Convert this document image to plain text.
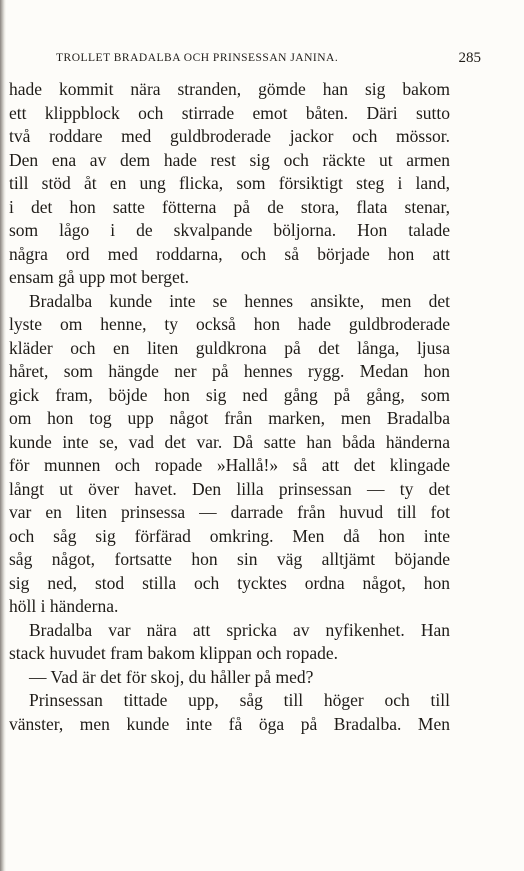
TROLLET BRADALBA OCH PRINSESSAN JANINA.	285
hade kommit nära stranden, gömde han sig bakom
ett klippblock och stirrade emot båten. Däri sutto
två roddare med guldbroderade jackor och mössor.
Den ena av dem hade rest sig och räckte ut armen
till stöd åt en ung flicka, som försiktigt steg i land,
i det hon satte fötterna på de stora, flata stenar,
som lågo i de skvalpande böljorna. Hon talade
några ord med roddarna, och så började hon att
ensam gå upp mot berget.
Bradalba kunde inte se hennes ansikte, men det
lyste om henne, ty också hon hade guldbroderade
kläder och en liten guldkrona på det långa, ljusa
håret, som hängde ner på hennes rygg. Medan hon
gick fram, böjde hon sig ned gång på gång, som
om hon tog upp något från marken, men Bradalba
kunde inte se, vad det var. Då satte han båda händerna
för munnen och ropade »Hallå!» så att det klingade
långt ut över havet. Den lilla prinsessan — ty det
var en liten prinsessa — darrade från huvud till fot
och såg sig förfärad omkring. Men då hon inte
såg något, fortsatte hon sin väg alltjämt böjande
sig ned, stod stilla och tycktes ordna något, hon
höll i händerna.
Bradalba var nära att spricka av nyfikenhet. Han
stack huvudet fram bakom klippan och ropade.
— Vad är det för skoj, du håller på med?
Prinsessan tittade upp, såg till höger och till
vänster, men kunde inte få öga på Bradalba. Men
